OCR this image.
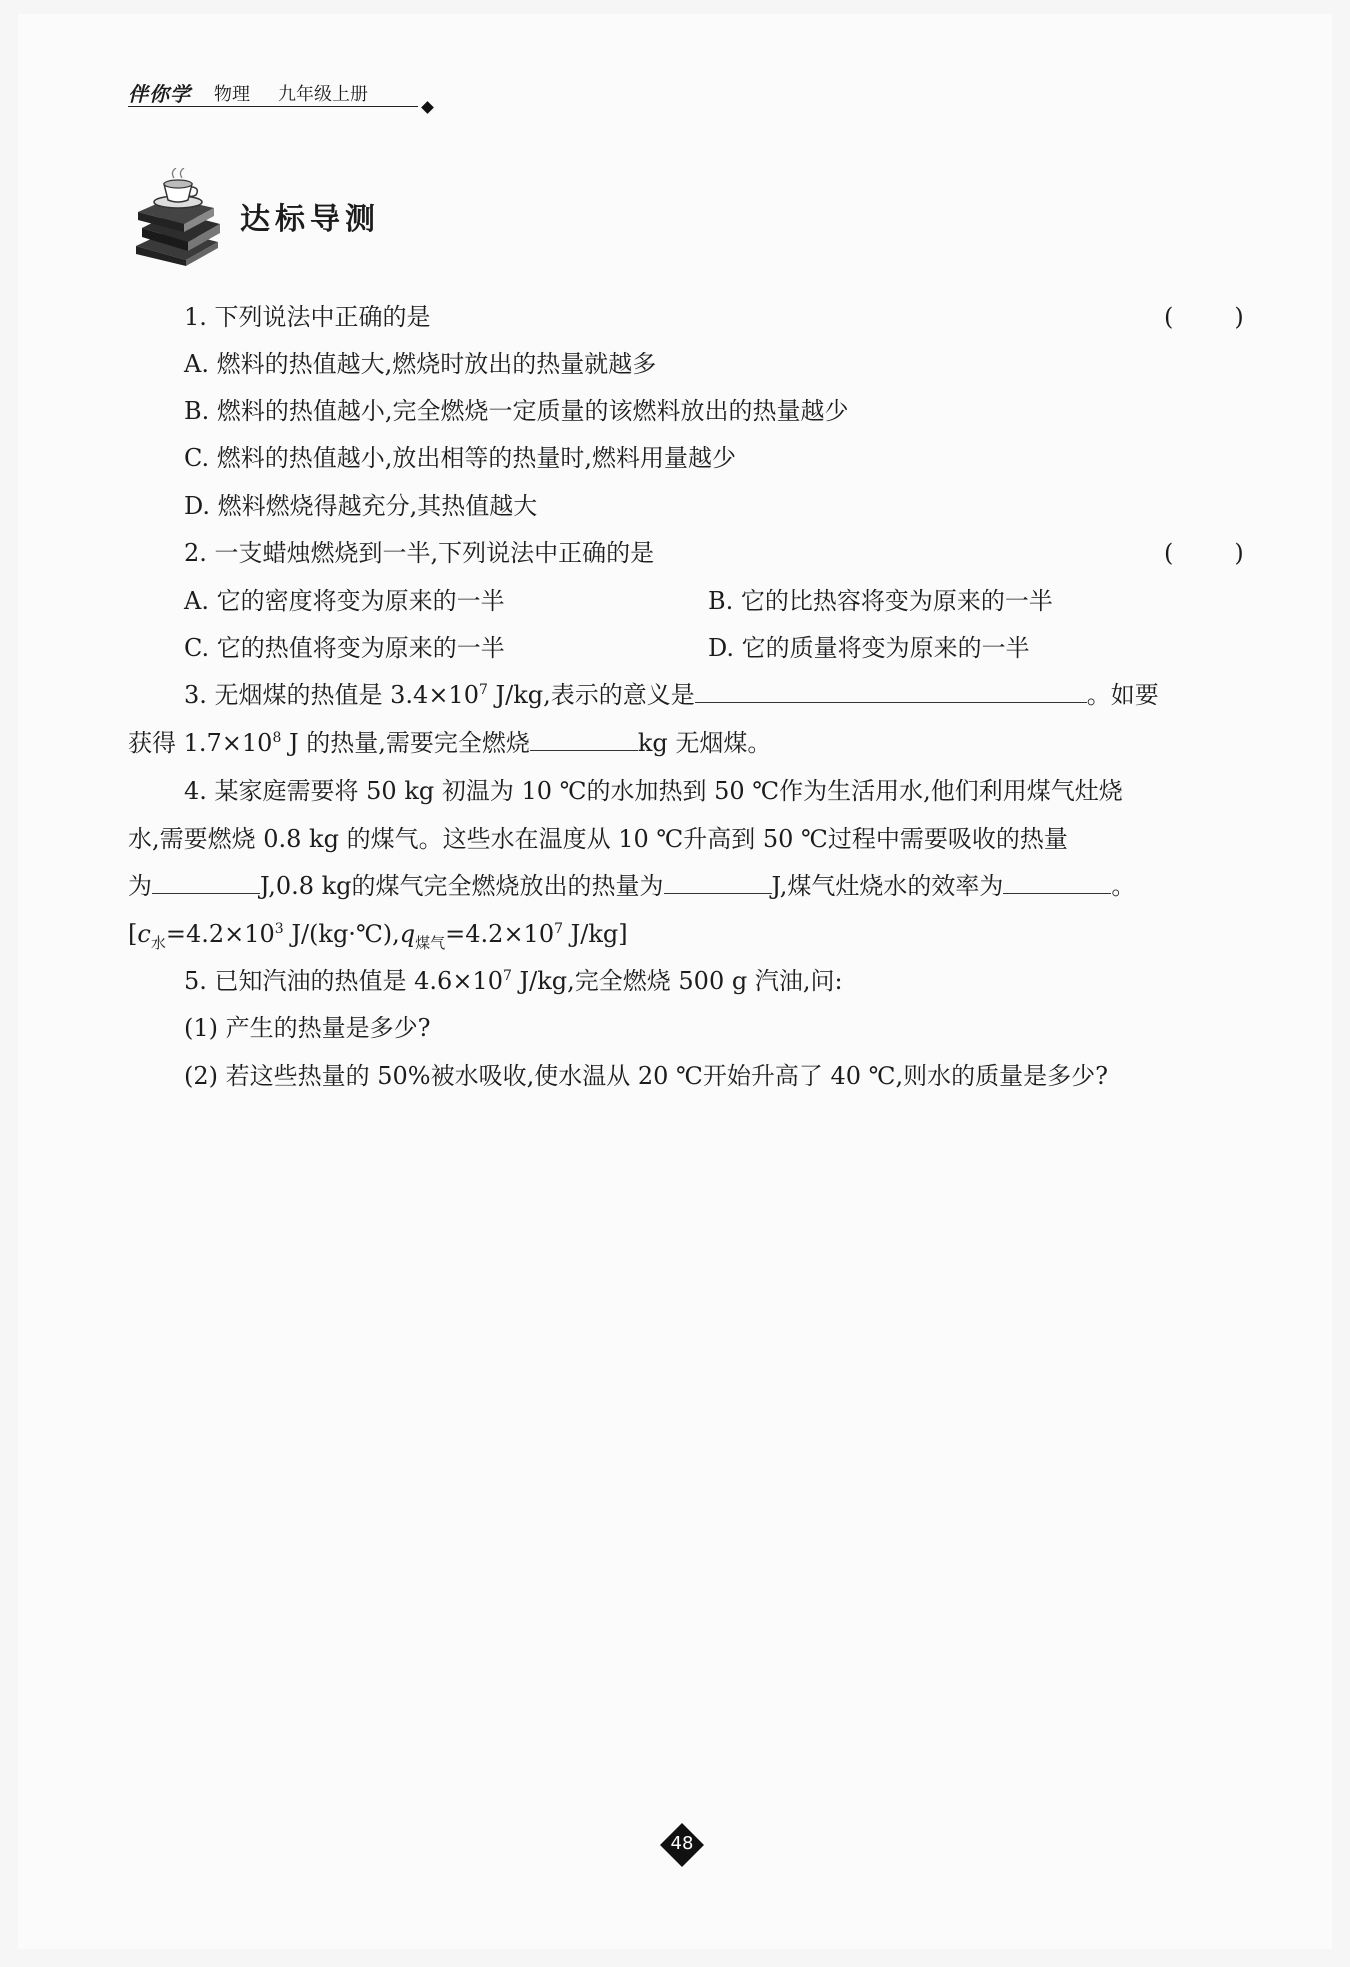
伴你学 物理 九年级上册
达标导测
1. 下列说法中正确的是	(        )
A. 燃料的热值越大,燃烧时放出的热量就越多
B. 燃料的热值越小,完全燃烧一定质量的该燃料放出的热量越少
C. 燃料的热值越小,放出相等的热量时,燃料用量越少
D. 燃料燃烧得越充分,其热值越大
2. 一支蜡烛燃烧到一半,下列说法中正确的是	(        )
A. 它的密度将变为原来的一半	B. 它的比热容将变为原来的一半
C. 它的热值将变为原来的一半	D. 它的质量将变为原来的一半
3. 无烟煤的热值是 $3.4\times 10^7$ J/kg,表示的意义是	。如要
获得 $1.7\times 10^8$ J 的热量,需要完全燃烧	kg 无烟煤。
4. 某家庭需要将 50 kg 初温为 10 ℃的水加热到 50 ℃作为生活用水,他们利用煤气灶烧
水,需要燃烧 0.8 kg 的煤气。这些水在温度从 10 ℃升高到 50 ℃过程中需要吸收的热量
为	J,0.8 kg的煤气完全燃烧放出的热量为	J,煤气灶烧水的效率为	。
[$c_水=4.2\times 10^3$ $J/(kg\cdot℃),q_{煤气}=4.2\times 10^7$ J/kg]
5. 已知汽油的热值是 $4.6\times 10^7$ J/kg,完全燃烧 500 g 汽油,问:
(1) 产生的热量是多少?
(2) 若这些热量的 50%被水吸收,使水温从 20 ℃开始升高了 40 ℃,则水的质量是多少?
48
